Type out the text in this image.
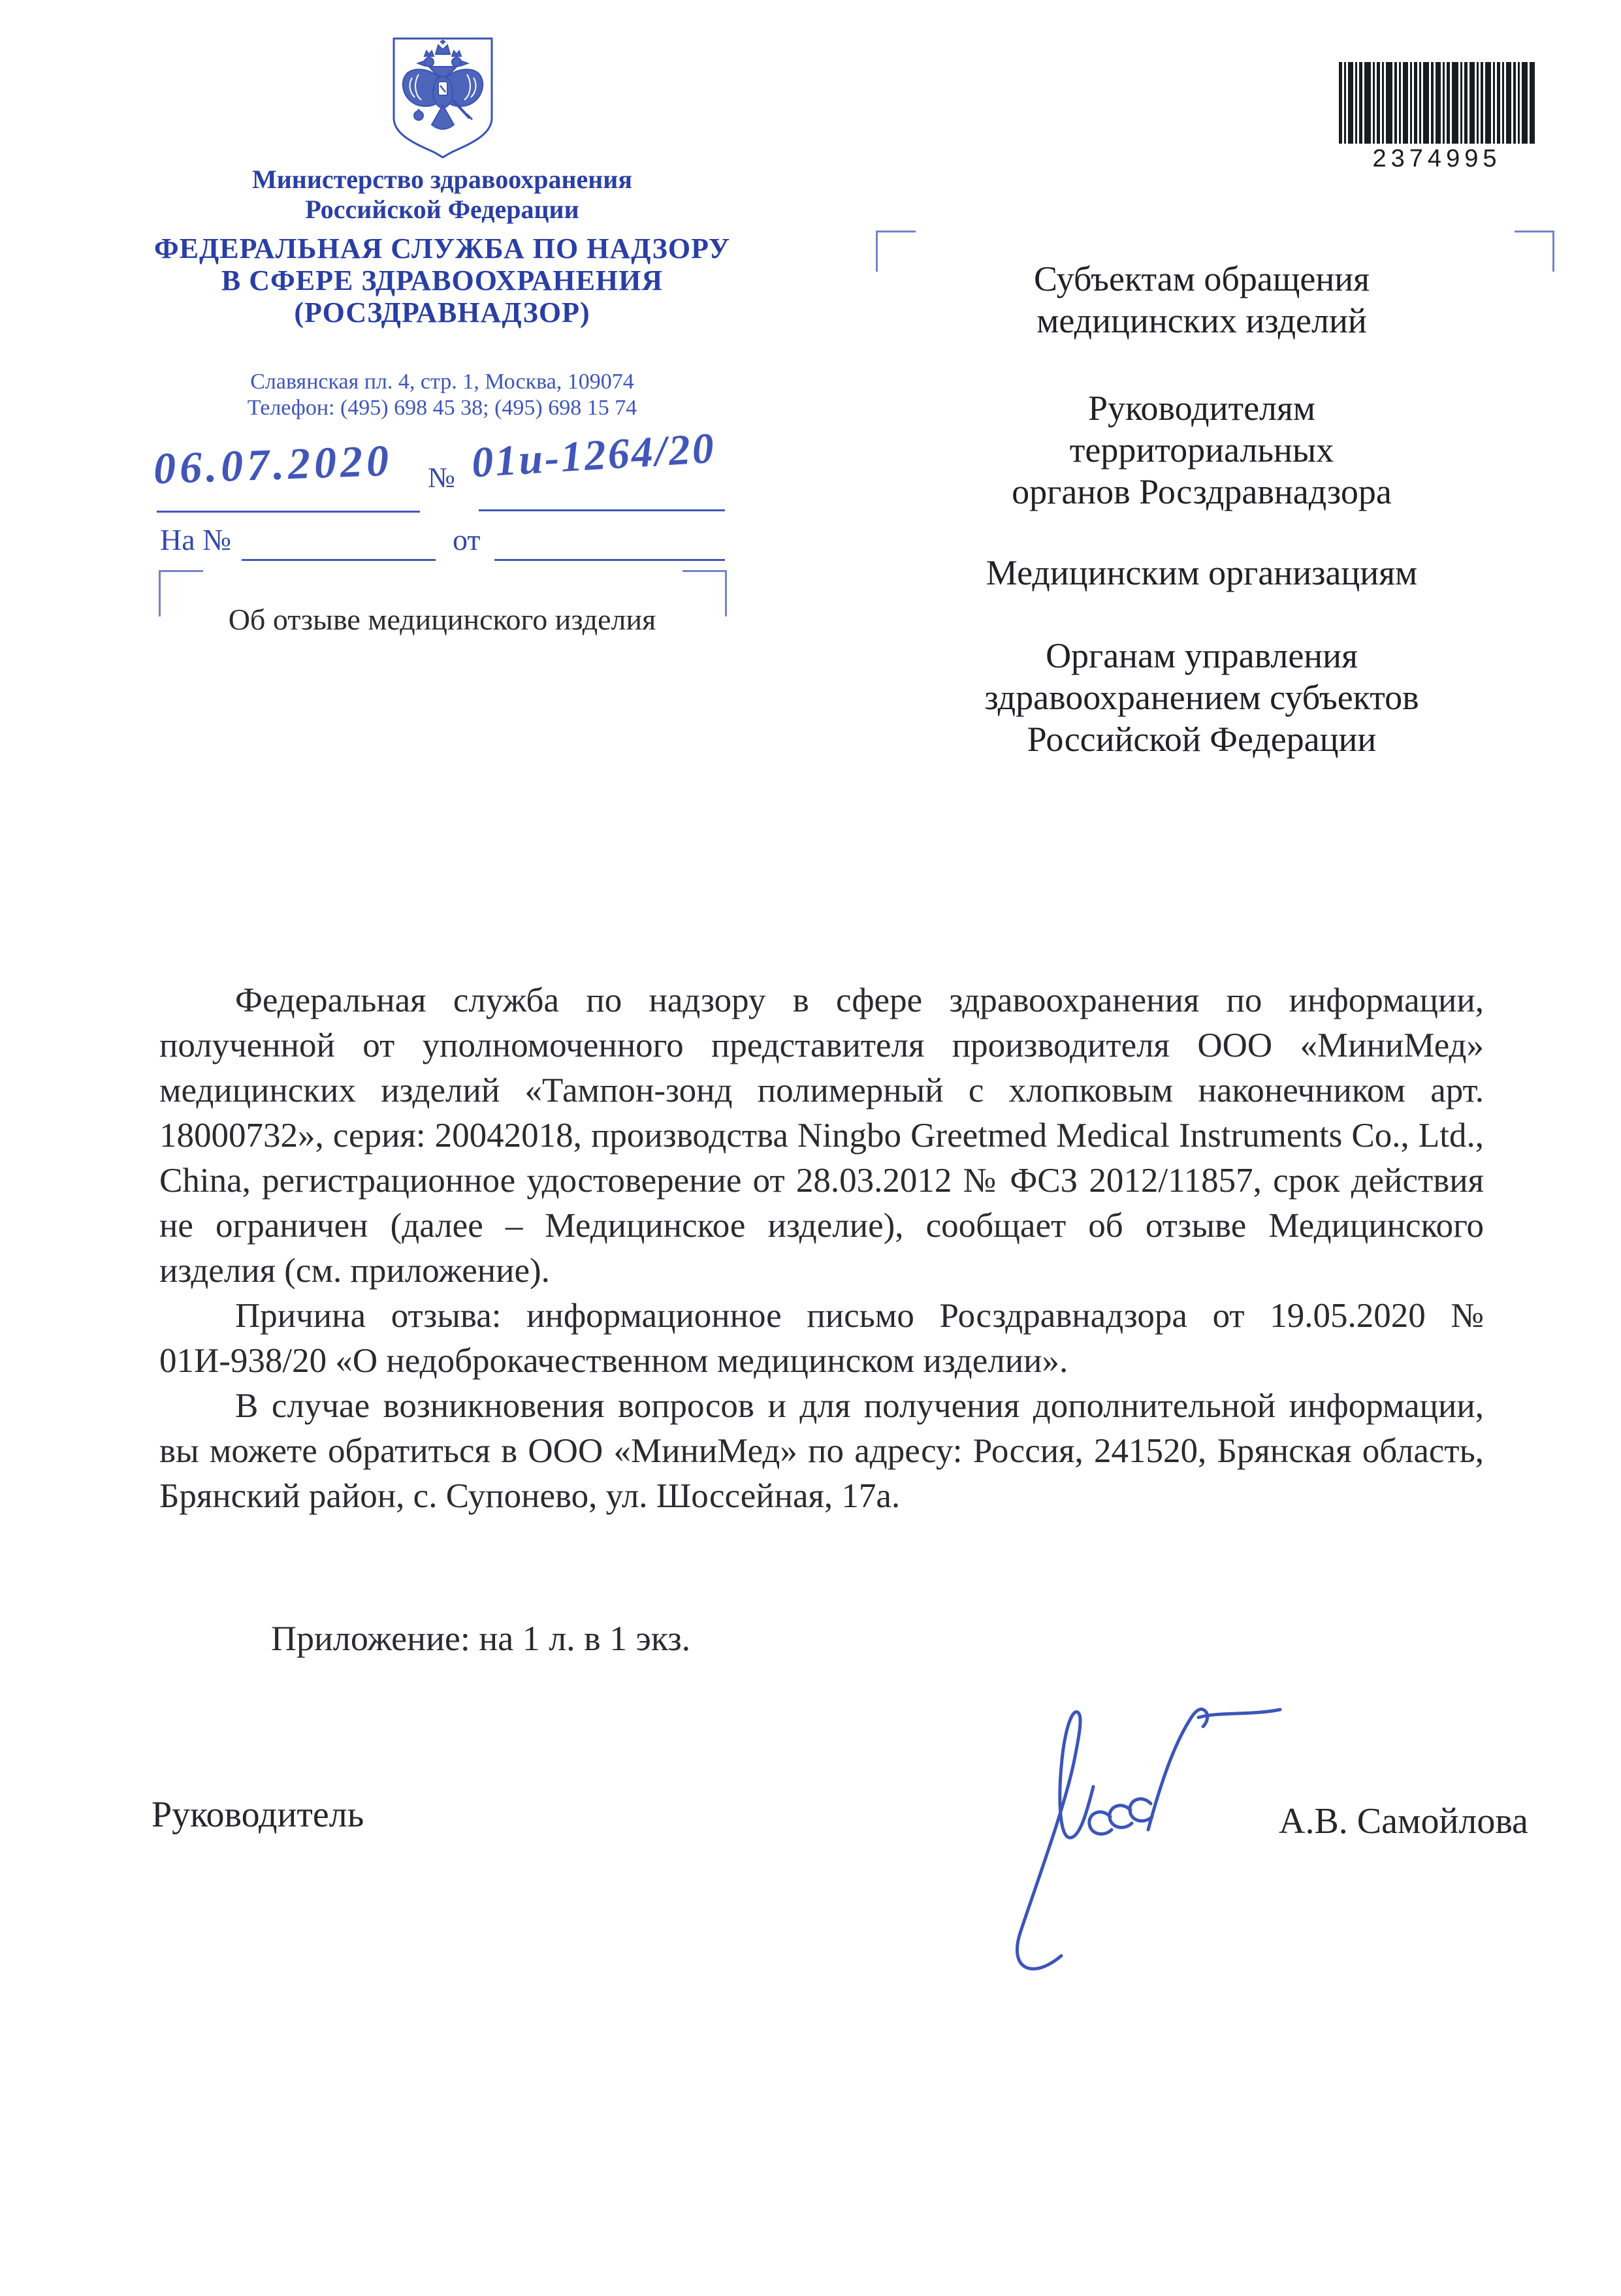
Министерство здравоохранения
Российской Федерации
ФЕДЕРАЛЬНАЯ СЛУЖБА ПО НАДЗОРУ
В СФЕРЕ ЗДРАВООХРАНЕНИЯ
(РОСЗДРАВНАДЗОР)
Славянская пл. 4, стр. 1, Москва, 109074
Телефон: (495) 698 45 38; (495) 698 15 74
2374995
06.07.2020 № 01и-1264/20
На №	от
Об отзыве медицинского изделия
Субъектам обращения
медицинских изделий
Руководителям
территориальных
органов Росздравнадзора
Медицинским организациям
Органам управления
здравоохранением субъектов
Российской Федерации

Федеральная служба по надзору в сфере здравоохранения по информации, полученной от уполномоченного представителя производителя ООО «МиниМед» медицинских изделий «Тампон-зонд полимерный с хлопковым наконечником арт. 18000732», серия: 20042018, производства Ningbo Greetmed Medical Instruments Co., Ltd., China, регистрационное удостоверение от 28.03.2012 № ФСЗ 2012/11857, срок действия не ограничен (далее – Медицинское изделие), сообщает об отзыве Медицинского изделия (см. приложение).

Причина отзыва: информационное письмо Росздравнадзора от 19.05.2020 № 01И-938/20 «О недоброкачественном медицинском изделии».

В случае возникновения вопросов и для получения дополнительной информации, вы можете обратиться в ООО «МиниМед» по адресу: Россия, 241520, Брянская область, Брянский район, с. Супонево, ул. Шоссейная, 17а.

Приложение: на 1 л. в 1 экз.
Руководитель	А.В. Самойлова
